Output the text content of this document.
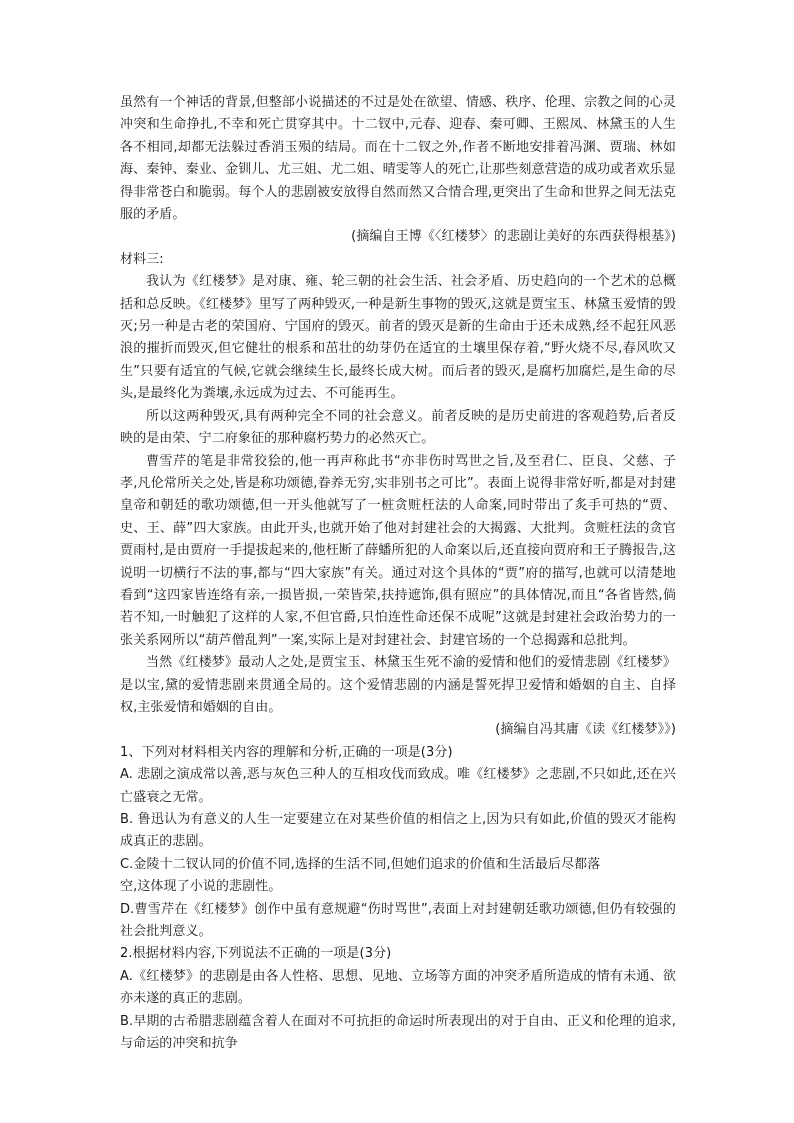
虽然有一个神话的背景,但整部小说描述的不过是处在欲望、情感、秩序、伦理、宗教之间的心灵冲突和生命挣扎,不幸和死亡贯穿其中。十二钗中,元春、迎春、秦可卿、王熙凤、林黛玉的人生各不相同,却都无法躲过香消玉殒的结局。而在十二钗之外,作者不断地安排着冯渊、贾瑞、林如海、秦钟、秦业、金钏儿、尤三姐、尤二姐、晴雯等人的死亡,让那些刻意营造的成功或者欢乐显得非常苍白和脆弱。每个人的悲剧被安放得自然而然又合情合理,更突出了生命和世界之间无法克服的矛盾。

(摘编自王博《〈红楼梦〉的悲剧让美好的东西获得根基》)

材料三:

我认为《红楼梦》是对康、雍、轮三朝的社会生活、社会矛盾、历史趋向的一个艺术的总概括和总反映。《红楼梦》里写了两种毁灭,一种是新生事物的毁灭,这就是贾宝玉、林黛玉爱情的毁灭;另一种是古老的荣国府、宁国府的毁灭。前者的毁灭是新的生命由于还未成熟,经不起狂风恶浪的摧折而毁灭,但它健壮的根系和茁壮的幼芽仍在适宜的土壤里保存着,“野火烧不尽,春风吹又生”只要有适宜的气候,它就会继续生长,最终长成大树。而后者的毁灭,是腐朽加腐烂,是生命的尽头,是最终化为粪壤,永远成为过去、不可能再生。

所以这两种毁灭,具有两种完全不同的社会意义。前者反映的是历史前进的客观趋势,后者反映的是由荣、宁二府象征的那种腐朽势力的必然灭亡。

曹雪芹的笔是非常狡狯的,他一再声称此书“亦非伤时骂世之旨,及至君仁、臣良、父慈、子孝,凡伦常所关之处,皆是称功颂德,眷养无穷,实非别书之可比”。表面上说得非常好听,都是对封建皇帝和朝廷的歌功颂德,但一开头他就写了一桩贪赃枉法的人命案,同时带出了炙手可热的“贾、史、王、薛”四大家族。由此开头,也就开始了他对封建社会的大揭露、大批判。贪赃枉法的贪官贾雨村,是由贾府一手提拔起来的,他枉断了薛蟠所犯的人命案以后,还直接向贾府和王子腾报告,这说明一切横行不法的事,都与“四大家族”有关。通过对这个具体的“贾”府的描写,也就可以清楚地看到“这四家皆连络有亲,一损皆损,一荣皆荣,扶持遮饰,俱有照应”的具体情况,而且“各省皆然,倘若不知,一时触犯了这样的人家,不但官爵,只怕连性命还保不成呢”这就是封建社会政治势力的一张关系网所以“葫芦僧乱判”一案,实际上是对封建社会、封建官场的一个总揭露和总批判。

当然《红楼梦》最动人之处,是贾宝玉、林黛玉生死不渝的爱情和他们的爱情悲剧《红楼梦》是以宝,黛的爱情悲剧来贯通全局的。这个爱情悲剧的内涵是誓死捍卫爱情和婚姻的自主、自择权,主张爱情和婚姻的自由。

(摘编自冯其庸《读《红楼梦》》)

1、下列对材料相关内容的理解和分析,正确的一项是(3分)

A. 悲剧之演成常以善,恶与灰色三种人的互相攻伐而致成。唯《红楼梦》之悲剧,不只如此,还在兴亡盛衰之无常。

B. 鲁迅认为有意义的人生一定要建立在对某些价值的相信之上,因为只有如此,价值的毁灭才能构成真正的悲剧。

C.金陵十二钗认同的价值不同,选择的生活不同,但她们追求的价值和生活最后尽都落

空,这体现了小说的悲剧性。

D.曹雪芹在《红楼梦》创作中虽有意规避“伤时骂世”,表面上对封建朝廷歌功颂德,但仍有较强的社会批判意义。

2.根据材料内容,下列说法不正确的一项是(3分)

A.《红楼梦》的悲剧是由各人性格、思想、见地、立场等方面的冲突矛盾所造成的情有未通、欲亦未遂的真正的悲剧。

B.早期的古希腊悲剧蕴含着人在面对不可抗拒的命运时所表现出的对于自由、正义和伦理的追求,与命运的冲突和抗争
